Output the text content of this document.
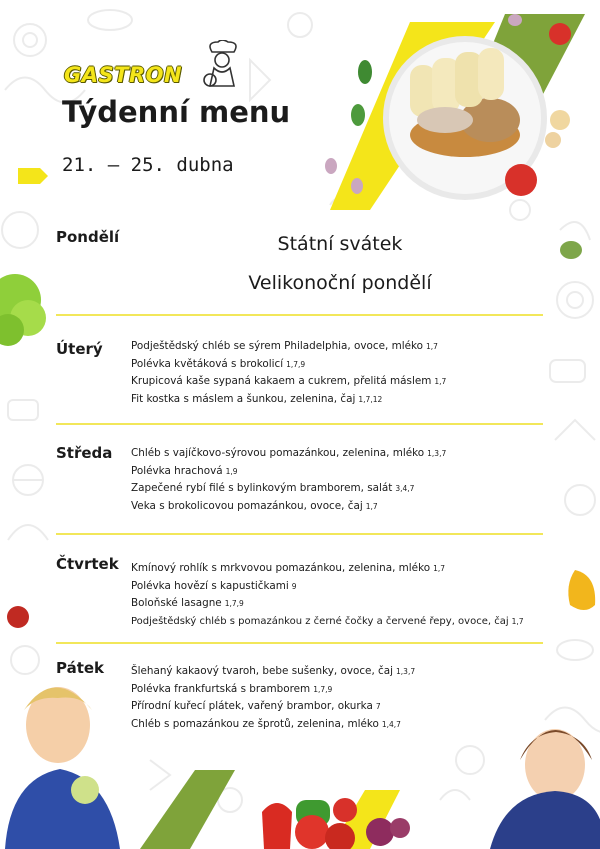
GASTRON
Týdenní menu
21. – 25. dubna
Pondělí	Státní svátek
Velikonoční pondělí
Úterý	Podještědský chléb se sýrem Philadelphia, ovoce, mléko 1,7
Polévka květáková s brokolicí 1,7,9
Krupicová kaše sypaná kakaem a cukrem, přelitá máslem 1,7
Fit kostka s máslem a šunkou, zelenina, čaj 1,7,12
Středa Chléb s vajíčkovo-sýrovou pomazánkou, zelenina, mléko 1,3,7
Polévka hrachová 1,9
Zapečené rybí filé s bylinkovým bramborem, salát 3,4,7
Veka s brokolicovou pomazánkou, ovoce, čaj 1,7
Čtvrtek Kmínový rohlík s mrkvovou pomazánkou, zelenina, mléko 1,7
Polévka hovězí s kapustičkami 9
Boloňské lasagne 1,7,9
Podještědský chléb s pomazánkou z černé čočky a červené řepy, ovoce, čaj 1,7
Pátek	Šlehaný kakaový tvaroh, bebe sušenky, ovoce, čaj 1,3,7
Polévka frankfurtská s bramborem 1,7,9
Přírodní kuřecí plátek, vařený brambor, okurka 7
Chléb s pomazánkou ze šprotů, zelenina, mléko 1,4,7
